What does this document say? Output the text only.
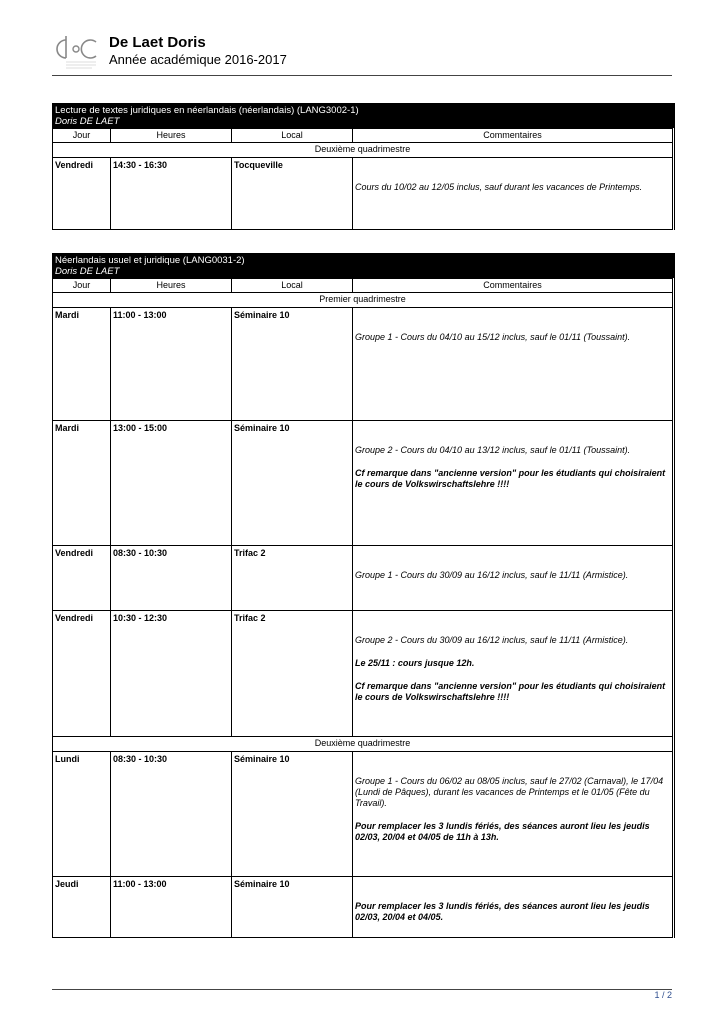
De Laet Doris
Année académique 2016-2017
Lecture de textes juridiques en néerlandais (néerlandais) (LANG3002-1)
Doris DE LAET
Jour	Heures	Local	Commentaires
Deuxième quadrimestre			
Vendredi	14:30 - 16:30	Tocqueville	Cours du 10/02 au 12/05 inclus, sauf durant les vacances de Printemps.

Néerlandais usuel et juridique (LANG0031-2)
Doris DE LAET
Jour	Heures	Local	Commentaires
Premier quadrimestre			
Mardi	11:00 - 13:00	Séminaire 10	Groupe 1 - Cours du 04/10 au 15/12 inclus, sauf le 01/11 (Toussaint).

Mardi	13:00 - 15:00	Séminaire 10	Groupe 2 - Cours du 04/10 au 13/12 inclus, sauf le 01/11 (Toussaint).

Cf remarque dans "ancienne version" pour les étudiants qui choisiraient le cours de Volkswirschaftslehre !!!!

Vendredi	08:30 - 10:30	Trifac 2	Groupe 1 - Cours du 30/09 au 16/12 inclus, sauf le 11/11 (Armistice).

Vendredi	10:30 - 12:30	Trifac 2	Groupe 2 - Cours du 30/09 au 16/12 inclus, sauf le 11/11 (Armistice).

Le 25/11 : cours jusque 12h.

Cf remarque dans "ancienne version" pour les étudiants qui choisiraient le cours de Volkswirschaftslehre !!!!

Deuxième quadrimestre			
Lundi	08:30 - 10:30	Séminaire 10	Groupe 1 - Cours du 06/02 au 08/05 inclus, sauf le 27/02 (Carnaval), le 17/04 (Lundi de Pâques), durant les vacances de Printemps et le 01/05 (Fête du Travail).

Pour remplacer les 3 lundis fériés, des séances auront lieu les jeudis 02/03, 20/04 et 04/05 de 11h à 13h.

Jeudi	11:00 - 13:00	Séminaire 10	Pour remplacer les 3 lundis fériés, des séances auront lieu les jeudis 02/03, 20/04 et 04/05.

1 / 2
